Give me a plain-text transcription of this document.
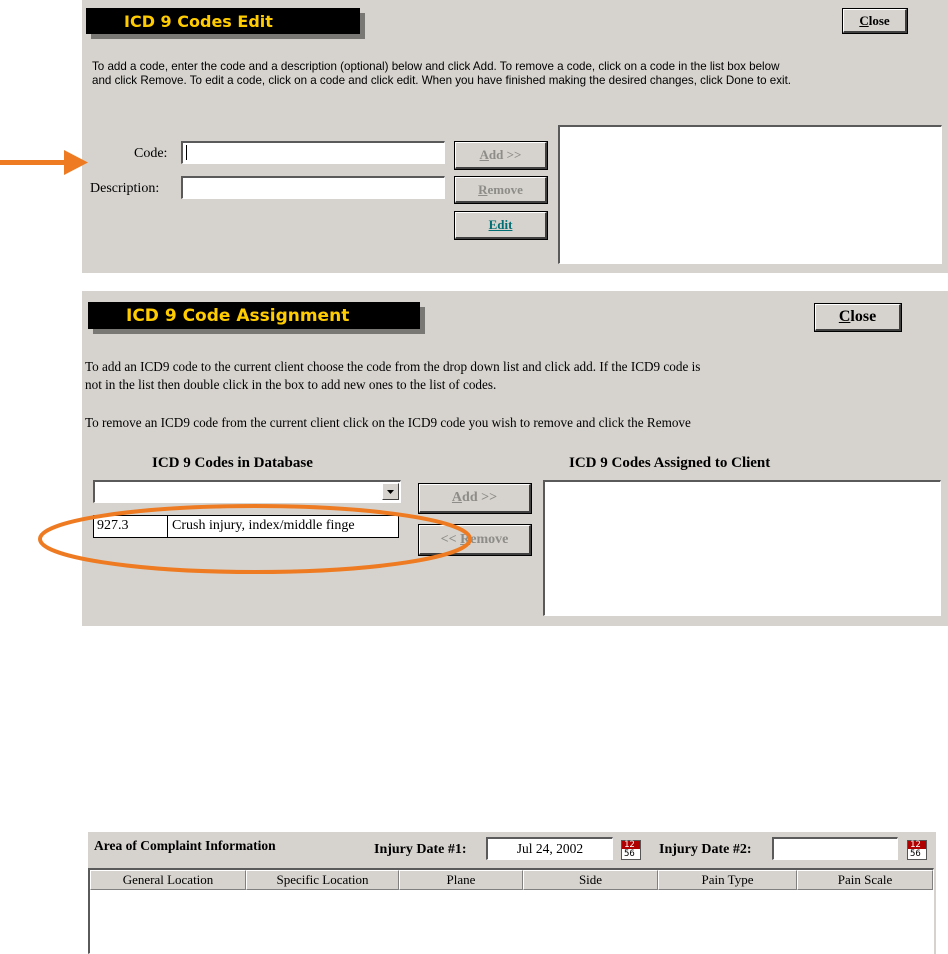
ICD 9 Codes Edit	Close
To add a code, enter the code and a description (optional) below and click Add. To remove a code, click on a code in the list box below
and click Remove. To edit a code, click on a code and click edit. When you have finished making the desired changes, click Done to exit.
Code:
Description:
Add >>
Remove
Edit
ICD 9 Code Assignment	Close
To add an ICD9 code to the current client choose the code from the drop down list and click add. If the ICD9 code is
not in the list then double click in the box to add new ones to the list of codes.
To remove an ICD9 code from the current client click on the ICD9 code you wish to remove and click the Remove
ICD 9 Codes in Database	ICD 9 Codes Assigned to Client
927.3	Crush injury, index/middle finge
Add >>
<< Remove
Area of Complaint Information	Injury Date #1:	Jul 24, 2002	12
56 Injury Date #2:	12
56
General Location	Specific Location	Plane	Side	Pain Type	Pain Scale
